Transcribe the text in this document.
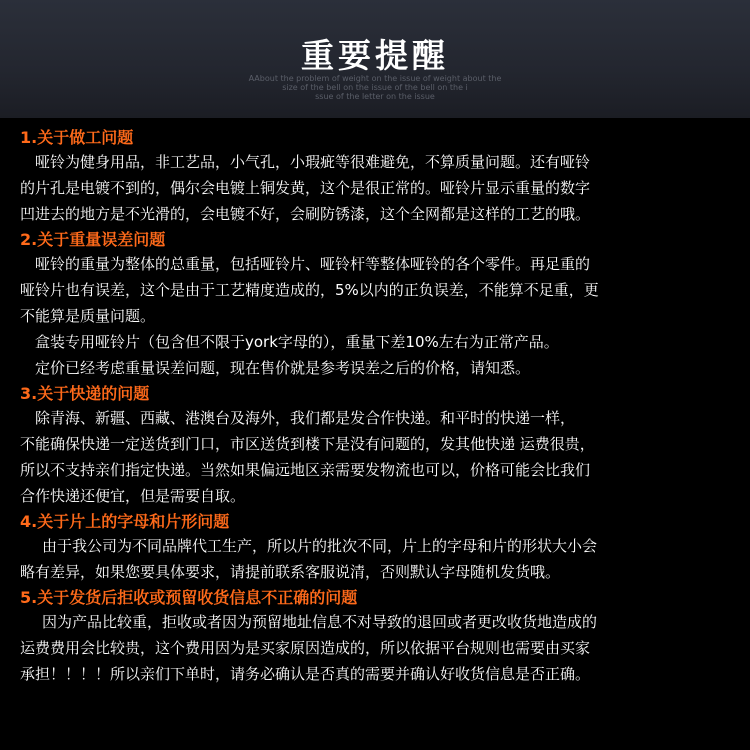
重要提醒
AAbout the problem of weight on the issue of weight about the
size of the bell on the issue of the bell on the i
ssue of the letter on the issue
1.关于做工问题
哑铃为健身用品，非工艺品，小气孔，小瑕疵等很难避免，不算质量问题。还有哑铃
的片孔是电镀不到的，偶尔会电镀上铜发黄，这个是很正常的。哑铃片显示重量的数字
凹进去的地方是不光滑的，会电镀不好，会刷防锈漆，这个全网都是这样的工艺的哦。
2.关于重量误差问题
哑铃的重量为整体的总重量，包括哑铃片、哑铃杆等整体哑铃的各个零件。再足重的
哑铃片也有误差，这个是由于工艺精度造成的，5%以内的正负误差，不能算不足重，更
不能算是质量问题。
盒装专用哑铃片（包含但不限于york字母的），重量下差10%左右为正常产品。
定价已经考虑重量误差问题，现在售价就是参考误差之后的价格，请知悉。
3.关于快递的问题
除青海、新疆、西藏、港澳台及海外，我们都是发合作快递。和平时的快递一样，
不能确保快递一定送货到门口，市区送货到楼下是没有问题的，发其他快递 运费很贵，
所以不支持亲们指定快递。当然如果偏远地区亲需要发物流也可以，价格可能会比我们
合作快递还便宜，但是需要自取。
4.关于片上的字母和片形问题
由于我公司为不同品牌代工生产，所以片的批次不同，片上的字母和片的形状大小会
略有差异，如果您要具体要求，请提前联系客服说清，否则默认字母随机发货哦。
5.关于发货后拒收或预留收货信息不正确的问题
因为产品比较重，拒收或者因为预留地址信息不对导致的退回或者更改收货地造成的
运费费用会比较贵，这个费用因为是买家原因造成的，所以依据平台规则也需要由买家
承担！！！！所以亲们下单时，请务必确认是否真的需要并确认好收货信息是否正确。
